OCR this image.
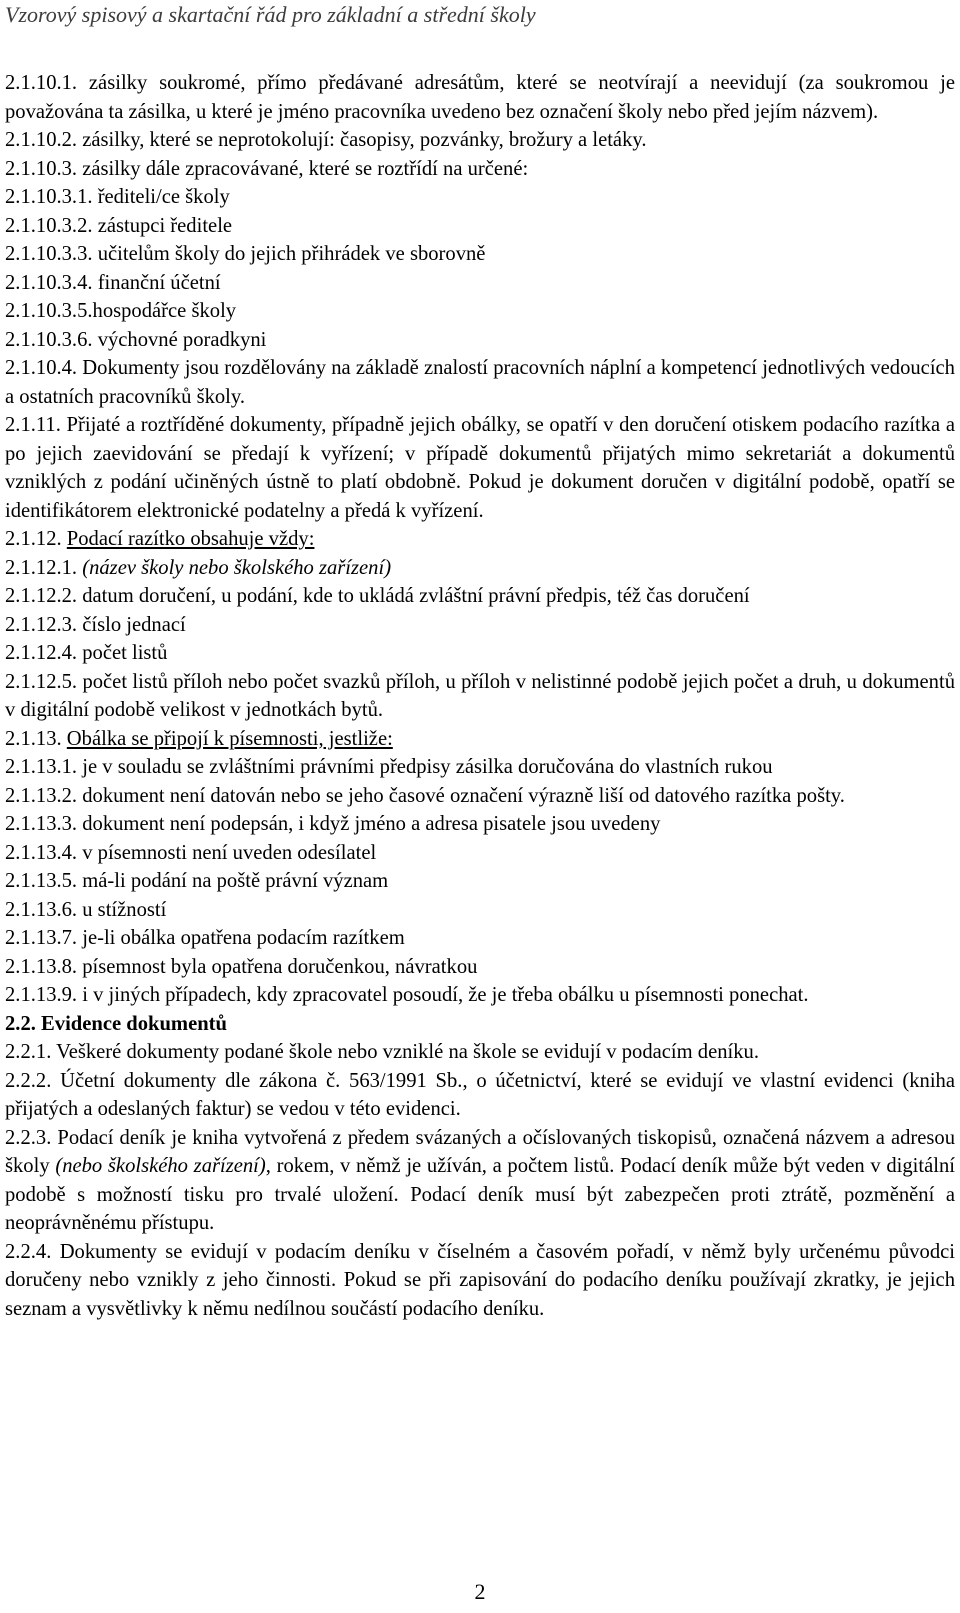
Vzorový spisový a skartační řád pro základní a střední školy

2.1.10.1. zásilky soukromé, přímo předávané adresátům, které se neotvírají a neevidují (za soukromou je považována ta zásilka, u které je jméno pracovníka uvedeno bez označení školy nebo před jejím názvem).

2.1.10.2. zásilky, které se neprotokolují: časopisy, pozvánky, brožury a letáky.

2.1.10.3. zásilky dále zpracovávané, které se roztřídí na určené:

2.1.10.3.1. řediteli/ce školy

2.1.10.3.2. zástupci ředitele

2.1.10.3.3. učitelům školy do jejich přihrádek ve sborovně

2.1.10.3.4. finanční účetní

2.1.10.3.5.hospodářce školy

2.1.10.3.6. výchovné poradkyni

2.1.10.4. Dokumenty jsou rozdělovány na základě znalostí pracovních náplní a kompetencí jednotlivých vedoucích a ostatních pracovníků školy.

2.1.11. Přijaté a roztříděné dokumenty, případně jejich obálky, se opatří v den doručení otiskem podacího razítka a po jejich zaevidování se předají k vyřízení; v případě dokumentů přijatých mimo sekretariát a dokumentů vzniklých z podání učiněných ústně to platí obdobně. Pokud je dokument doručen v digitální podobě, opatří se identifikátorem elektronické podatelny a předá k vyřízení.

2.1.12. Podací razítko obsahuje vždy:

2.1.12.1. (název školy nebo školského zařízení)

2.1.12.2. datum doručení, u podání, kde to ukládá zvláštní právní předpis, též čas doručení

2.1.12.3. číslo jednací

2.1.12.4. počet listů

2.1.12.5. počet listů příloh nebo počet svazků příloh, u příloh v nelistinné podobě jejich počet a druh, u dokumentů v digitální podobě velikost v jednotkách bytů.

2.1.13. Obálka se připojí k písemnosti, jestliže:

2.1.13.1. je v souladu se zvláštními právními předpisy zásilka doručována do vlastních rukou

2.1.13.2. dokument není datován nebo se jeho časové označení výrazně liší od datového razítka pošty.

2.1.13.3. dokument není podepsán, i když jméno a adresa pisatele jsou uvedeny

2.1.13.4. v písemnosti není uveden odesílatel

2.1.13.5. má-li podání na poště právní význam

2.1.13.6. u stížností

2.1.13.7. je-li obálka opatřena podacím razítkem

2.1.13.8. písemnost byla opatřena doručenkou, návratkou

2.1.13.9. i v jiných případech, kdy zpracovatel posoudí, že je třeba obálku u písemnosti ponechat.

2.2. Evidence dokumentů

2.2.1. Veškeré dokumenty podané škole nebo vzniklé na škole se evidují v podacím deníku.

2.2.2. Účetní dokumenty dle zákona č. 563/1991 Sb., o účetnictví, které se evidují ve vlastní evidenci (kniha přijatých a odeslaných faktur) se vedou v této evidenci.

2.2.3. Podací deník je kniha vytvořená z předem svázaných a očíslovaných tiskopisů, označená názvem a adresou školy (nebo školského zařízení), rokem, v němž je užíván, a počtem listů. Podací deník může být veden v digitální podobě s možností tisku pro trvalé uložení. Podací deník musí být zabezpečen proti ztrátě, pozměnění a neoprávněnému přístupu.

2.2.4. Dokumenty se evidují v podacím deníku v číselném a časovém pořadí, v němž byly určenému původci doručeny nebo vznikly z jeho činnosti. Pokud se při zapisování do podacího deníku používají zkratky, je jejich seznam a vysvětlivky k němu nedílnou součástí podacího deníku.

2
